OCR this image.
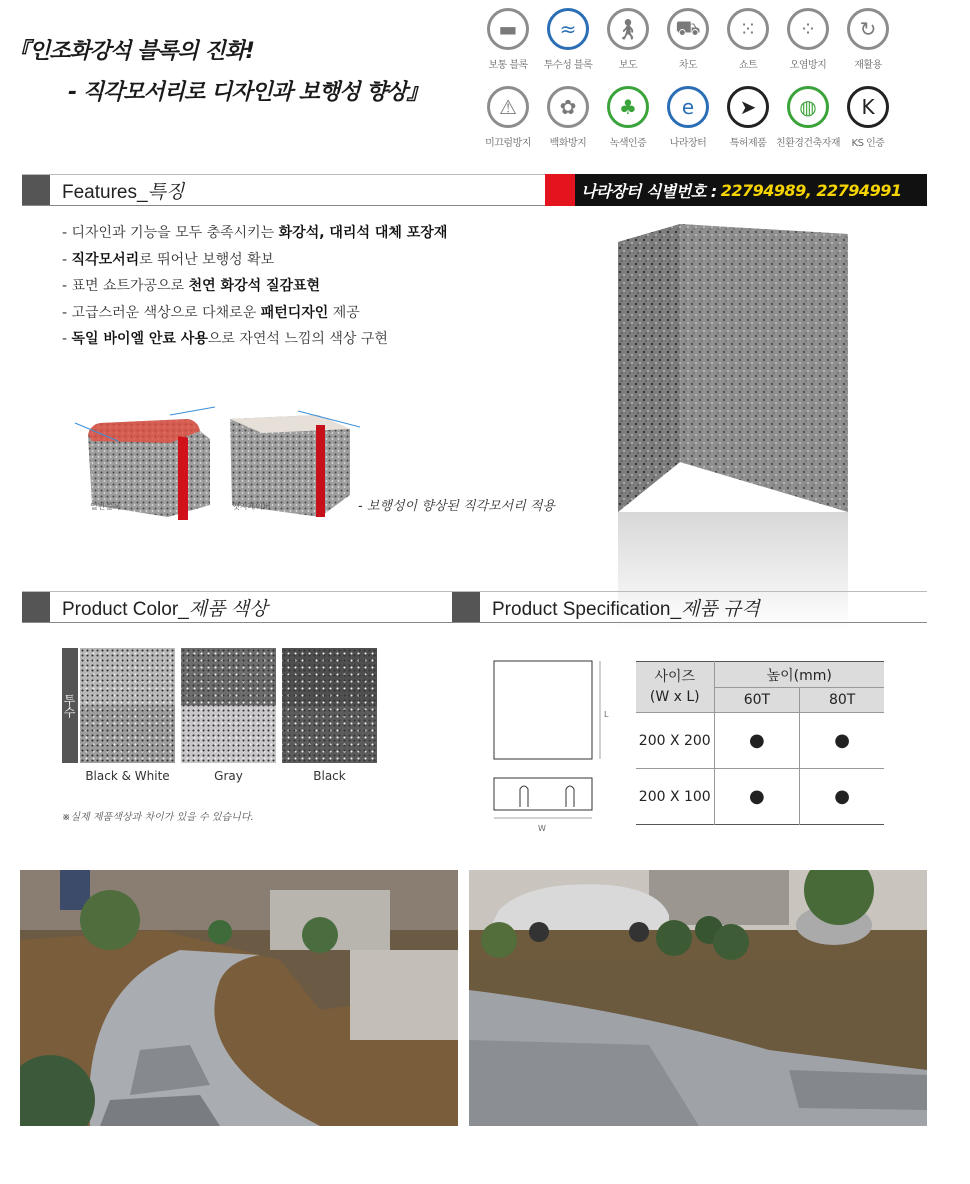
『인조화강석 블록의 진화!
- 직각모서리로 디자인과 보행성 향상』
▬
보통 블록
≈
투수성 블록
🚶︎
보도
⛟
차도
⁙
쇼트
⁘
오염방지
↻
재활용
⚠
미끄럼방지
✿
백화방지
♣
녹색인증
e
나라장터
➤
특허제품
◍
친환경건축자재
K
KS 인증
Features_특징	나라장터 식별번호 : 22794989, 22794991
- 디자인과 기능을 모두 충족시키는 화강석, 대리석 대체 포장재
- 직각모서리로 뛰어난 보행성 확보
- 표면 쇼트가공으로 천연 화강석 질감표현
- 고급스러운 색상으로 다채로운 패턴디자인 제공
- 독일 바이엘 안료 사용으로 자연석 느낌의 색상 구현
일반블록	앳지페이버	- 보행성이 향상된 직각모서리 적용
Product Color_제품 색상	Product Specification_제품 규격
투수
보통
Black & White	Gray	Black
※실제 제품색상과 차이가 있을 수 있습니다.
L
W
사이즈
(W x L)	높이(mm)	
	60T	80T
200 X 200	●	●
200 X 100	●	●
